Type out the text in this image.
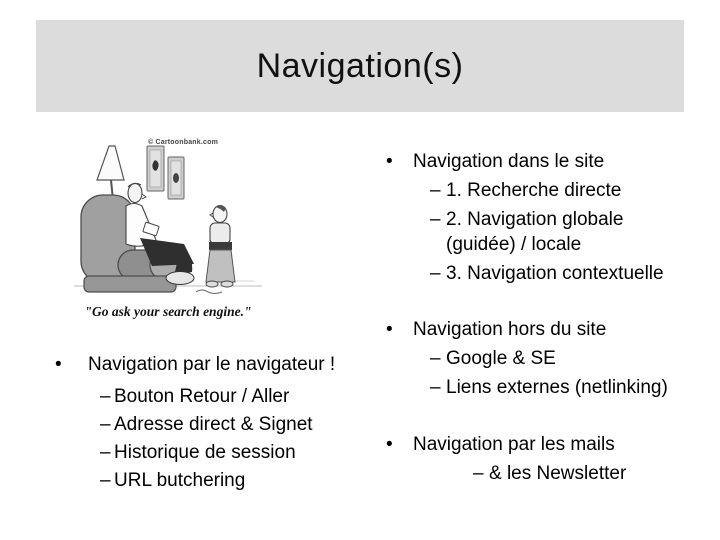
Navigation(s)
© Cartoonbank.com
"Go ask your search engine."
•	Navigation dans le site
– 1. Recherche directe
– 2. Navigation globale (guidée) / locale
– 3. Navigation contextuelle
•	Navigation par le navigateur !
– Bouton Retour / Aller
– Adresse direct & Signet
– Historique de session
– URL butchering
•	Navigation hors du site
– Google & SE
– Liens externes (netlinking)
•	Navigation par les mails
– & les Newsletter
